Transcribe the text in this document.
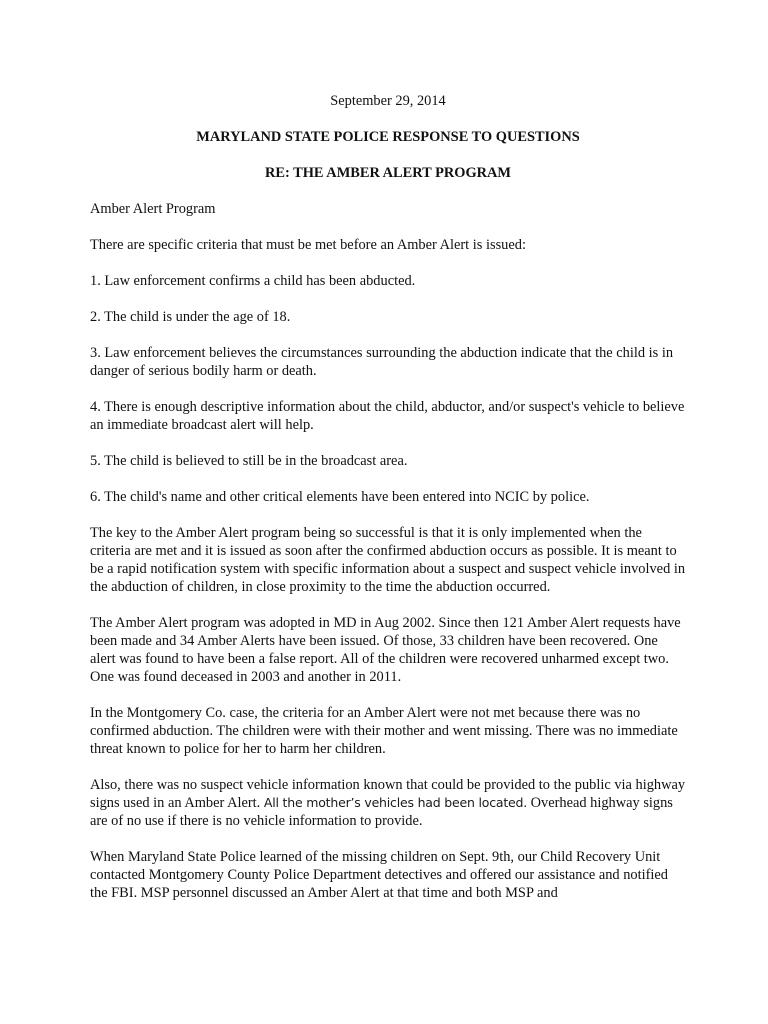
September 29, 2014

MARYLAND STATE POLICE RESPONSE TO QUESTIONS

RE: THE AMBER ALERT PROGRAM

Amber Alert Program

There are specific criteria that must be met before an Amber Alert is issued:

1. Law enforcement confirms a child has been abducted.

2. The child is under the age of 18.

3. Law enforcement believes the circumstances surrounding the abduction indicate that the child is in danger of serious bodily harm or death.

4. There is enough descriptive information about the child, abductor, and/or suspect's vehicle to believe an immediate broadcast alert will help.

5. The child is believed to still be in the broadcast area.

6. The child's name and other critical elements have been entered into NCIC by police.

The key to the Amber Alert program being so successful is that it is only implemented when the criteria are met and it is issued as soon after the confirmed abduction occurs as possible. It is meant to be a rapid notification system with specific information about a suspect and suspect vehicle involved in the abduction of children, in close proximity to the time the abduction occurred.

The Amber Alert program was adopted in MD in Aug 2002. Since then 121 Amber Alert requests have been made and 34 Amber Alerts have been issued. Of those, 33 children have been recovered. One alert was found to have been a false report. All of the children were recovered unharmed except two. One was found deceased in 2003 and another in 2011.

In the Montgomery Co. case, the criteria for an Amber Alert were not met because there was no confirmed abduction. The children were with their mother and went missing. There was no immediate threat known to police for her to harm her children.

Also, there was no suspect vehicle information known that could be provided to the public via highway signs used in an Amber Alert. All the mother’s vehicles had been located. Overhead highway signs are of no use if there is no vehicle information to provide.

When Maryland State Police learned of the missing children on Sept. 9th, our Child Recovery Unit contacted Montgomery County Police Department detectives and offered our assistance and notified the FBI. MSP personnel discussed an Amber Alert at that time and both MSP and
